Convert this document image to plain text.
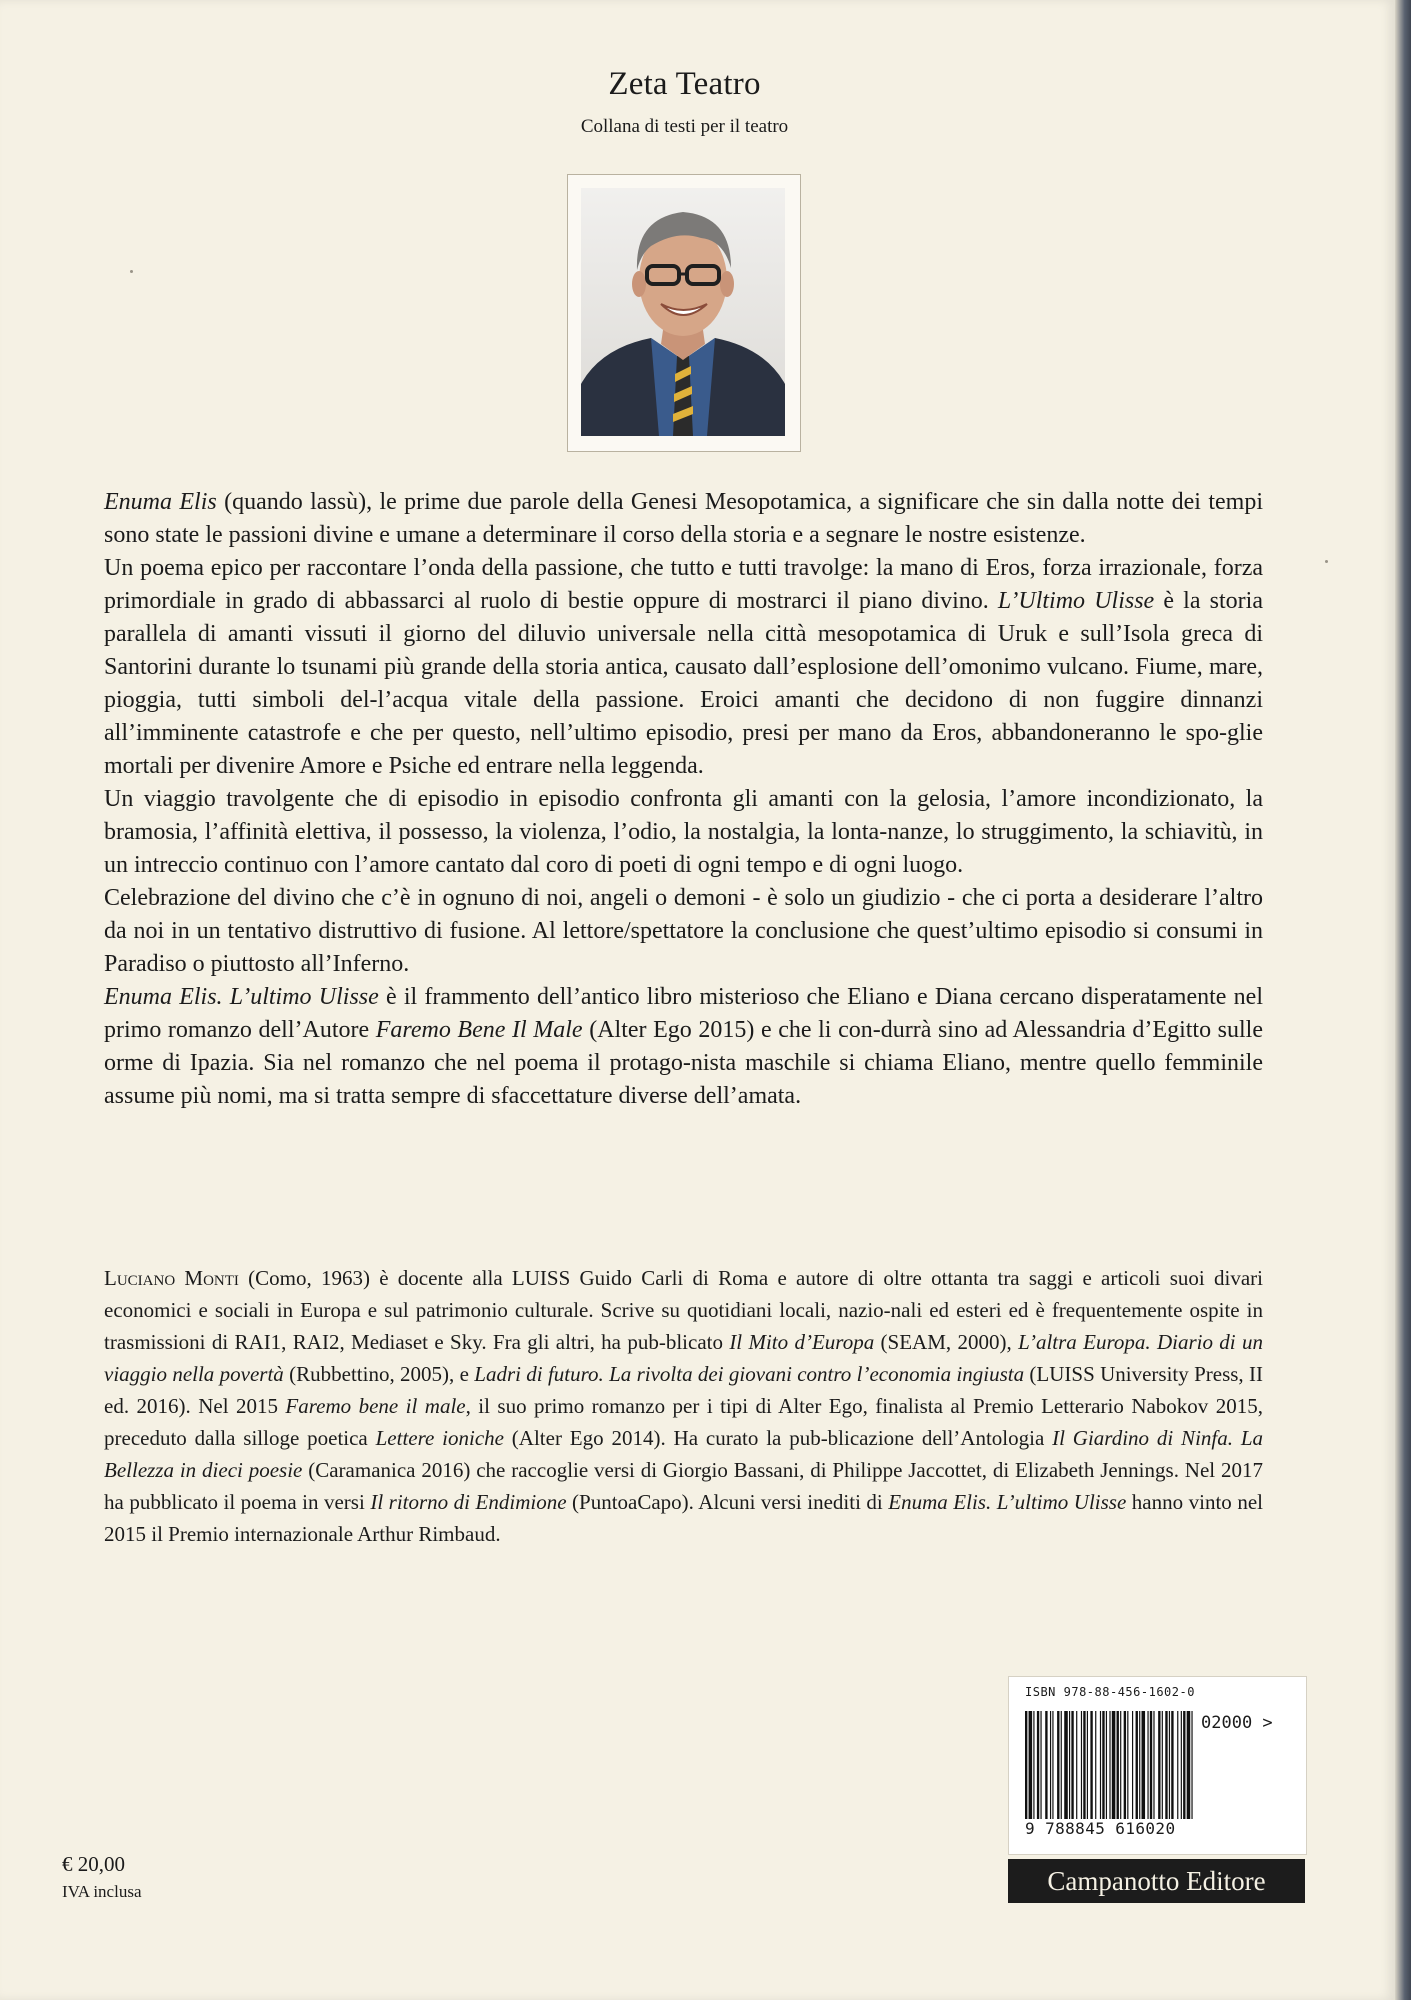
Zeta Teatro
Collana di testi per il teatro

Enuma Elis (quando lassù), le prime due parole della Genesi Mesopotamica, a significare che sin dalla notte dei tempi sono state le passioni divine e umane a determinare il corso della storia e a segnare le nostre esistenze.

Un poema epico per raccontare l’onda della passione, che tutto e tutti travolge: la mano di Eros, forza irrazionale, forza primordiale in grado di abbassarci al ruolo di bestie oppure di mostrarci il piano divino. L’Ultimo Ulisse è la storia parallela di amanti vissuti il giorno del diluvio universale nella città mesopotamica di Uruk e sull’Isola greca di Santorini durante lo tsunami più grande della storia antica, causato dall’esplosione dell’omonimo vulcano. Fiume, mare, pioggia, tutti simboli del-l’acqua vitale della passione. Eroici amanti che decidono di non fuggire dinnanzi all’imminente catastrofe e che per questo, nell’ultimo episodio, presi per mano da Eros, abbandoneranno le spo-glie mortali per divenire Amore e Psiche ed entrare nella leggenda.

Un viaggio travolgente che di episodio in episodio confronta gli amanti con la gelosia, l’amore incondizionato, la bramosia, l’affinità elettiva, il possesso, la violenza, l’odio, la nostalgia, la lonta-nanze, lo struggimento, la schiavitù, in un intreccio continuo con l’amore cantato dal coro di poeti di ogni tempo e di ogni luogo.

Celebrazione del divino che c’è in ognuno di noi, angeli o demoni - è solo un giudizio - che ci porta a desiderare l’altro da noi in un tentativo distruttivo di fusione. Al lettore/spettatore la conclusione che quest’ultimo episodio si consumi in Paradiso o piuttosto all’Inferno.

Enuma Elis. L’ultimo Ulisse è il frammento dell’antico libro misterioso che Eliano e Diana cercano disperatamente nel primo romanzo dell’Autore Faremo Bene Il Male (Alter Ego 2015) e che li con-durrà sino ad Alessandria d’Egitto sulle orme di Ipazia. Sia nel romanzo che nel poema il protago-nista maschile si chiama Eliano, mentre quello femminile assume più nomi, ma si tratta sempre di sfaccettature diverse dell’amata.

Luciano Monti (Como, 1963) è docente alla LUISS Guido Carli di Roma e autore di oltre ottanta tra saggi e articoli suoi divari economici e sociali in Europa e sul patrimonio culturale. Scrive su quotidiani locali, nazio-nali ed esteri ed è frequentemente ospite in trasmissioni di RAI1, RAI2, Mediaset e Sky. Fra gli altri, ha pub-blicato Il Mito d’Europa (SEAM, 2000), L’altra Europa. Diario di un viaggio nella povertà (Rubbettino, 2005), e Ladri di futuro. La rivolta dei giovani contro l’economia ingiusta (LUISS University Press, II ed. 2016). Nel 2015 Faremo bene il male, il suo primo romanzo per i tipi di Alter Ego, finalista al Premio Letterario Nabokov 2015, preceduto dalla silloge poetica Lettere ioniche (Alter Ego 2014). Ha curato la pub-blicazione dell’Antologia Il Giardino di Ninfa. La Bellezza in dieci poesie (Caramanica 2016) che raccoglie versi di Giorgio Bassani, di Philippe Jaccottet, di Elizabeth Jennings. Nel 2017 ha pubblicato il poema in versi Il ritorno di Endimione (PuntoaCapo). Alcuni versi inediti di Enuma Elis. L’ultimo Ulisse hanno vinto nel 2015 il Premio internazionale Arthur Rimbaud.

ISBN 978-88-456-1602-0
02000 >
9 788845 616020
Campanotto Editore
€ 20,00
IVA inclusa
